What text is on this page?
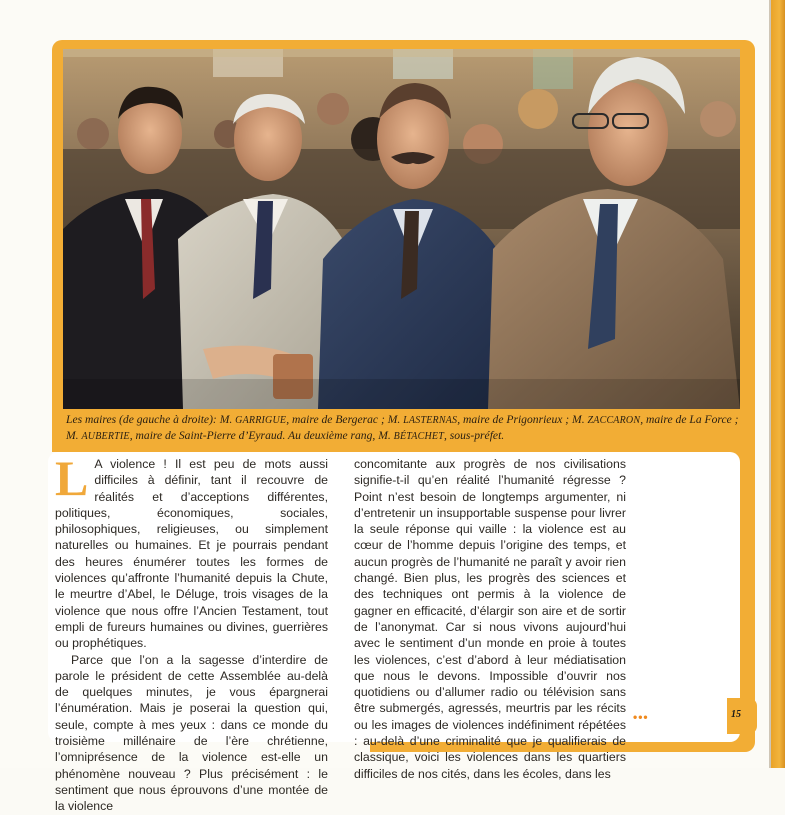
Les maires (de gauche à droite): M. GARRIGUE, maire de Bergerac ; M. LASTERNAS, maire de Prigonrieux ; M. ZACCARON, maire de La Force ;
M. AUBERTIE, maire de Saint-Pierre d’Eyraud. Au deuxième rang, M. BÉTACHET, sous-préfet.

L A violence ! Il est peu de mots aussi difficiles à définir, tant il recouvre de réalités et d’acceptions différentes, politiques, économiques, sociales, philosophiques, religieuses, ou simplement naturelles ou humaines. Et je pourrais pendant des heures énumérer toutes les formes de violences qu’affronte l’humanité depuis la Chute, le meurtre d’Abel, le Déluge, trois visages de la violence que nous offre l’Ancien Testament, tout empli de fureurs humaines ou divines, guerrières ou prophétiques.

Parce que l’on a la sagesse d’interdire de parole le président de cette Assemblée au-delà de quelques minutes, je vous épargnerai l’énumération. Mais je poserai la question qui, seule, compte à mes yeux : dans ce monde du troisième millénaire de l’ère chrétienne, l’omniprésence de la violence est-elle un phénomène nouveau ? Plus précisément : le sentiment que nous éprouvons d’une montée de la violence

concomitante aux progrès de nos civilisations signifie-t-il qu’en réalité l’humanité régresse ? Point n’est besoin de longtemps argumenter, ni d’entretenir un insupportable suspense pour livrer la seule réponse qui vaille : la violence est au cœur de l’homme depuis l’origine des temps, et aucun progrès de l’humanité ne paraît y avoir rien changé. Bien plus, les progrès des sciences et des techniques ont permis à la violence de gagner en efficacité, d’élargir son aire et de sortir de l’anonymat. Car si nous vivons aujourd’hui avec le sentiment d’un monde en proie à toutes les violences, c’est d’abord à leur médiatisation que nous le devons. Impossible d’ouvrir nos quotidiens ou d’allumer radio ou télévision sans être submergés, agressés, meurtris par les récits ou les images de violences indéfiniment répétées : au-delà d’une criminalité que je qualifierais de classique, voici les violences dans les quartiers difficiles de nos cités, dans les écoles, dans les

•••	15
